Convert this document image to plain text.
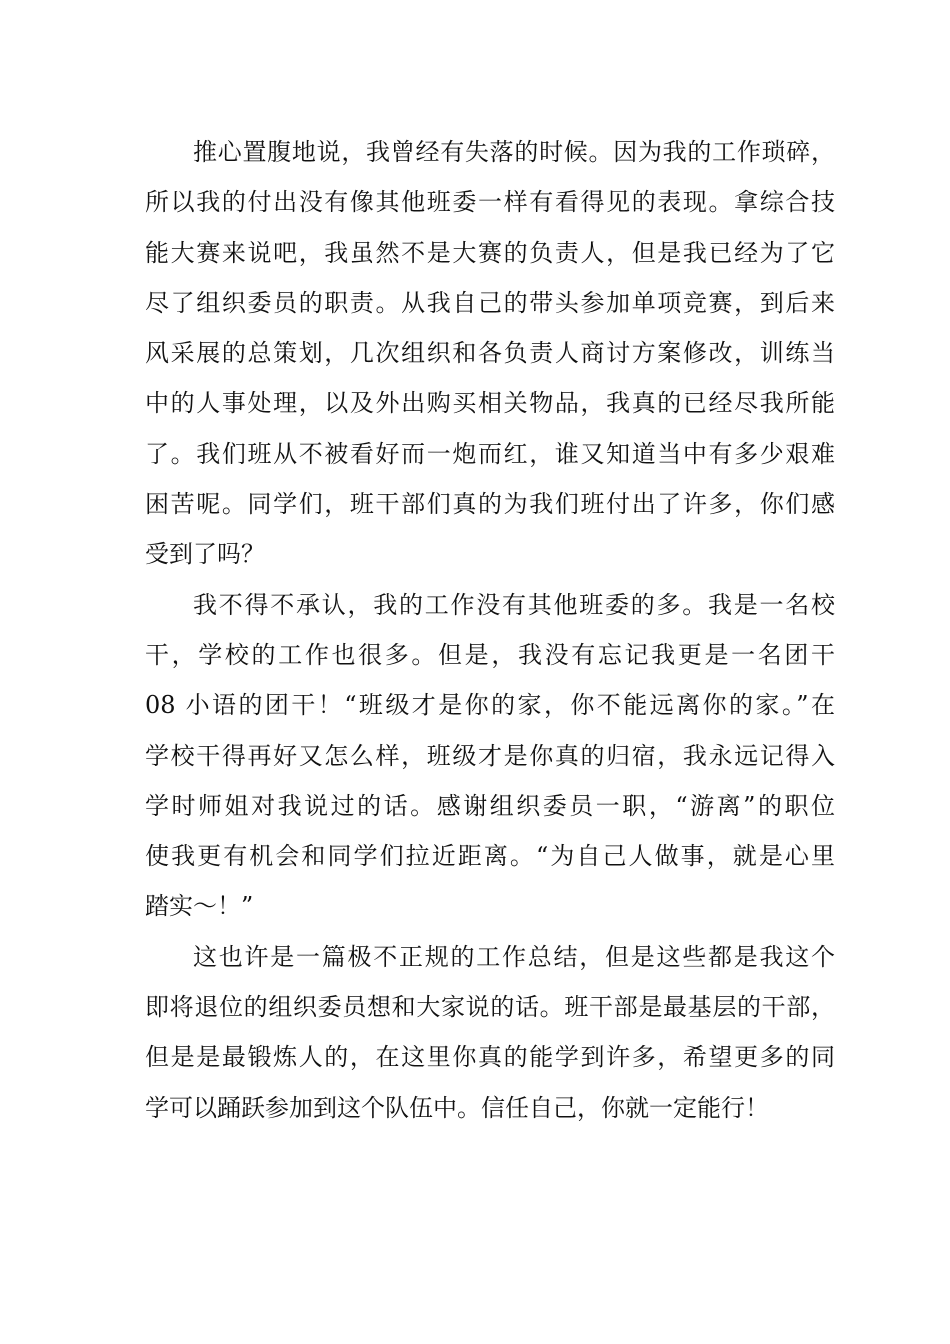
推心置腹地说，我曾经有失落的时候。因为我的工作琐碎，
所以我的付出没有像其他班委一样有看得见的表现。拿综合技
能大赛来说吧，我虽然不是大赛的负责人，但是我已经为了它
尽了组织委员的职责。从我自己的带头参加单项竞赛，到后来
风采展的总策划，几次组织和各负责人商讨方案修改，训练当
中的人事处理，以及外出购买相关物品，我真的已经尽我所能
了。我们班从不被看好而一炮而红，谁又知道当中有多少艰难
困苦呢。同学们，班干部们真的为我们班付出了许多，你们感
受到了吗？
我不得不承认，我的工作没有其他班委的多。我是一名校
干，学校的工作也很多。但是，我没有忘记我更是一名团干
08 小语的团干！“班级才是你的家，你不能远离你的家。”在
学校干得再好又怎么样，班级才是你真的归宿，我永远记得入
学时师姐对我说过的话。感谢组织委员一职，“游离”的职位
使我更有机会和同学们拉近距离。“为自己人做事，就是心里
踏实～！”
这也许是一篇极不正规的工作总结，但是这些都是我这个
即将退位的组织委员想和大家说的话。班干部是最基层的干部，
但是是最锻炼人的，在这里你真的能学到许多，希望更多的同
学可以踊跃参加到这个队伍中。信任自己，你就一定能行！
